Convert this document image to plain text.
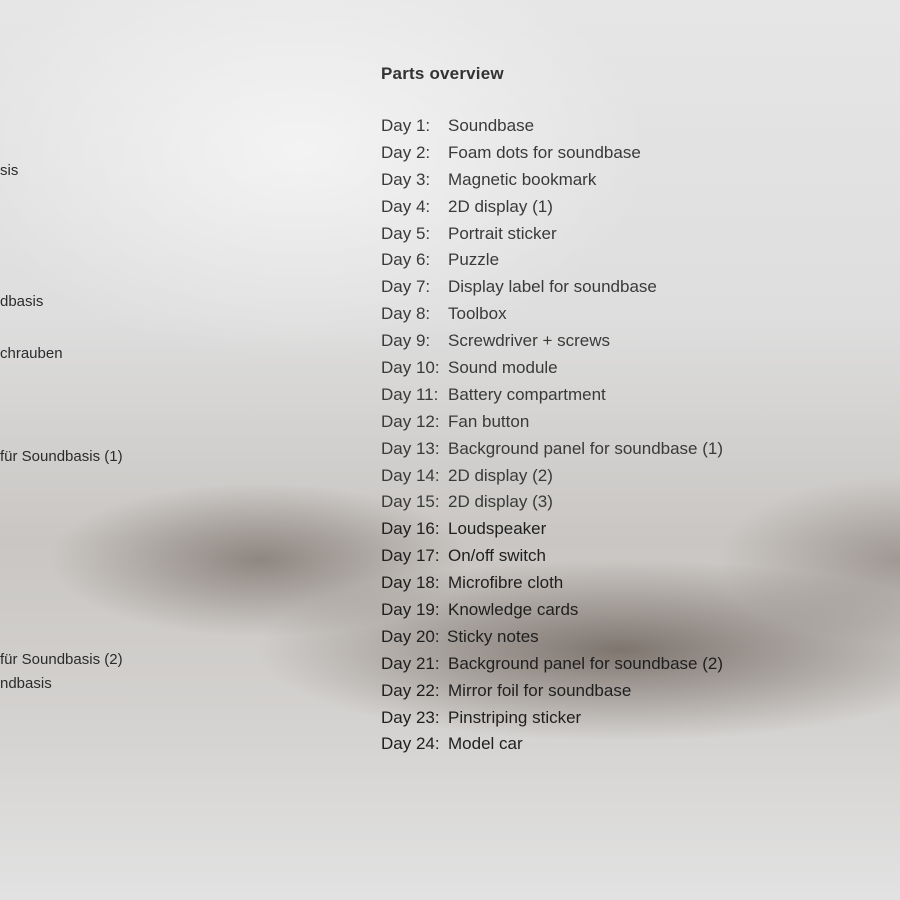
sis
dbasis
chrauben
für Soundbasis (1)
für Soundbasis (2)
ndbasis
Parts overview
Day 1: Soundbase
Day 2: Foam dots for soundbase
Day 3: Magnetic bookmark
Day 4: 2D display (1)
Day 5: Portrait sticker
Day 6: Puzzle
Day 7: Display label for soundbase
Day 8: Toolbox
Day 9: Screwdriver + screws
Day 10: Sound module
Day 11: Battery compartment
Day 12: Fan button
Day 13: Background panel for soundbase (1)
Day 14: 2D display (2)
Day 15: 2D display (3)
Day 16: Loudspeaker
Day 17: On/off switch
Day 18: Microfibre cloth
Day 19: Knowledge cards
Day 20: Sticky notes
Day 21: Background panel for soundbase (2)
Day 22: Mirror foil for soundbase
Day 23: Pinstriping sticker
Day 24: Model car
